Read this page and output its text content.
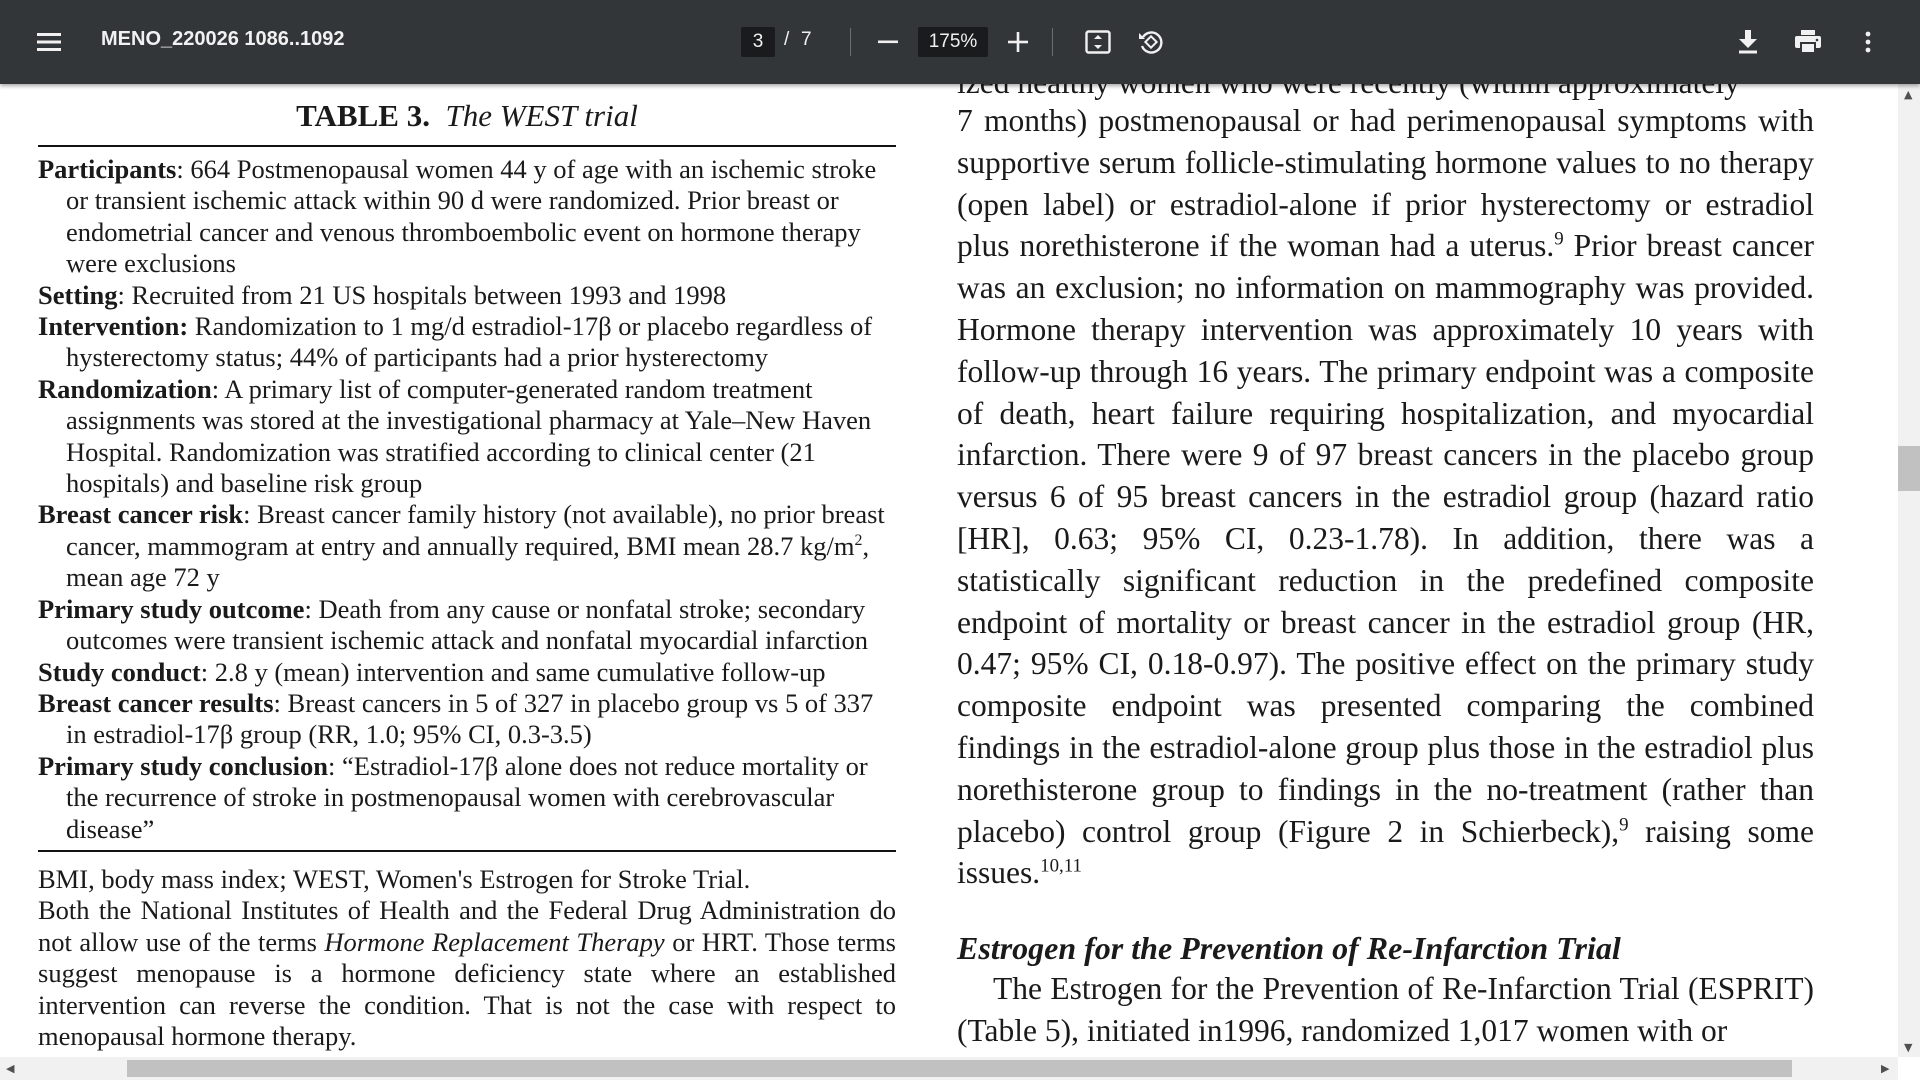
MENO_220026 1086..1092	3	/ 7	175%
TABLE 3. The WEST trial
Participants: 664 Postmenopausal women 44 y of age with an ischemic stroke or transient ischemic attack within 90 d were randomized. Prior breast or endometrial cancer and venous thromboembolic event on hormone therapy were exclusions
Setting: Recruited from 21 US hospitals between 1993 and 1998
Intervention: Randomization to 1 mg/d estradiol-17β or placebo regardless of hysterectomy status; 44% of participants had a prior hysterectomy
Randomization: A primary list of computer-generated random treatment assignments was stored at the investigational pharmacy at Yale–New Haven Hospital. Randomization was stratified according to clinical center (21 hospitals) and baseline risk group
Breast cancer risk: Breast cancer family history (not available), no prior breast cancer, mammogram at entry and annually required, BMI mean 28.7 $kg/m^2$, mean age 72 y
Primary study outcome: Death from any cause or nonfatal stroke; secondary outcomes were transient ischemic attack and nonfatal myocardial infarction
Study conduct: 2.8 y (mean) intervention and same cumulative follow-up
Breast cancer results: Breast cancers in 5 of 327 in placebo group vs 5 of 337 in estradiol-17β group (RR, 1.0; 95% CI, 0.3-3.5)
Primary study conclusion: “Estradiol-17β alone does not reduce mortality or the recurrence of stroke in postmenopausal women with cerebrovascular disease”
BMI, body mass index; WEST, Women's Estrogen for Stroke Trial.
Both the National Institutes of Health and the Federal Drug Administration do not allow use of the terms Hormone Replacement Therapy or HRT. Those terms suggest menopause is a hormone deficiency state where an established intervention can reverse the condition. That is not the case with respect to menopausal hormone therapy.
7 months) postmenopausal or had perimenopausal symptoms with supportive serum follicle-stimulating hormone values to no therapy (open label) or estradiol-alone if prior hysterectomy or estradiol plus norethisterone if the woman had a uterus.$^9$ Prior breast cancer was an exclusion; no information on mammography was provided. Hormone therapy intervention was approximately 10 years with follow-up through 16 years. The primary endpoint was a composite of death, heart failure requiring hospitalization, and myocardial infarction. There were 9 of 97 breast cancers in the placebo group versus 6 of 95 breast cancers in the estradiol group (hazard ratio [HR], 0.63; 95% CI, 0.23-1.78). In addition, there was a statistically significant reduction in the predefined composite endpoint of mortality or breast cancer in the estradiol group (HR, 0.47; 95% CI, 0.18-0.97). The positive effect on the primary study composite endpoint was presented comparing the combined findings in the estradiol-alone group plus those in the estradiol plus norethisterone group to findings in the no-treatment (rather than placebo) control group (Figure 2 in Schierbeck),$^9$ raising some issues.$^{10,11}$
Estrogen for the Prevention of Re-Infarction Trial
The Estrogen for the Prevention of Re-Infarction Trial (ESPRIT) (Table 5), initiated in1996, randomized 1,017 women with or
▲
▼
◀	▶
